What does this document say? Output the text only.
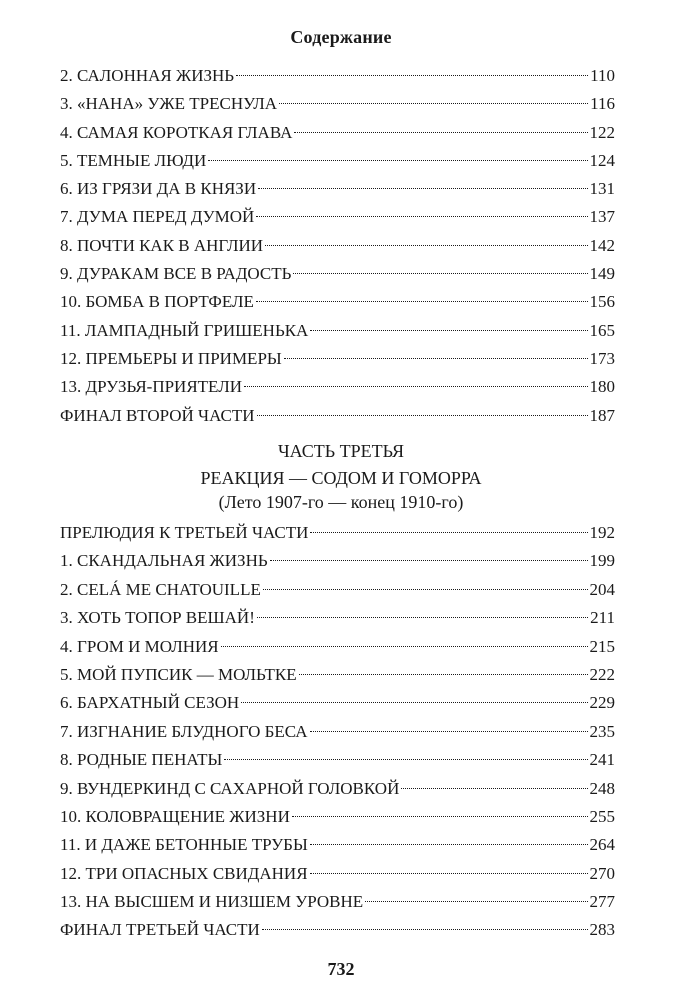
Содержание
2. САЛОННАЯ ЖИЗНЬ	110
3. «НАНА» УЖЕ ТРЕСНУЛА	116
4. САМАЯ КОРОТКАЯ ГЛАВА	122
5. ТЕМНЫЕ ЛЮДИ	124
6. ИЗ ГРЯЗИ ДА В КНЯЗИ	131
7. ДУМА ПЕРЕД ДУМОЙ	137
8. ПОЧТИ КАК В АНГЛИИ	142
9. ДУРАКАМ ВСЕ В РАДОСТЬ	149
10. БОМБА В ПОРТФЕЛЕ	156
11. ЛАМПАДНЫЙ ГРИШЕНЬКА	165
12. ПРЕМЬЕРЫ И ПРИМЕРЫ	173
13. ДРУЗЬЯ-ПРИЯТЕЛИ	180
ФИНАЛ ВТОРОЙ ЧАСТИ	187
ЧАСТЬ ТРЕТЬЯ
РЕАКЦИЯ — СОДОМ И ГОМОРРА
(Лето 1907-го — конец 1910-го)
ПРЕЛЮДИЯ К ТРЕТЬЕЙ ЧАСТИ	192
1. СКАНДАЛЬНАЯ ЖИЗНЬ	199
2. CELÁ ME CHATOUILLE	204
3. ХОТЬ ТОПОР ВЕШАЙ!	211
4. ГРОМ И МОЛНИЯ	215
5. МОЙ ПУПСИК — МОЛЬТКЕ	222
6. БАРХАТНЫЙ СЕЗОН	229
7. ИЗГНАНИЕ БЛУДНОГО БЕСА	235
8. РОДНЫЕ ПЕНАТЫ	241
9. ВУНДЕРКИНД С САХАРНОЙ ГОЛОВКОЙ	248
10. КОЛОВРАЩЕНИЕ ЖИЗНИ	255
11. И ДАЖЕ БЕТОННЫЕ ТРУБЫ	264
12. ТРИ ОПАСНЫХ СВИДАНИЯ	270
13. НА ВЫСШЕМ И НИЗШЕМ УРОВНЕ	277
ФИНАЛ ТРЕТЬЕЙ ЧАСТИ	283
732
